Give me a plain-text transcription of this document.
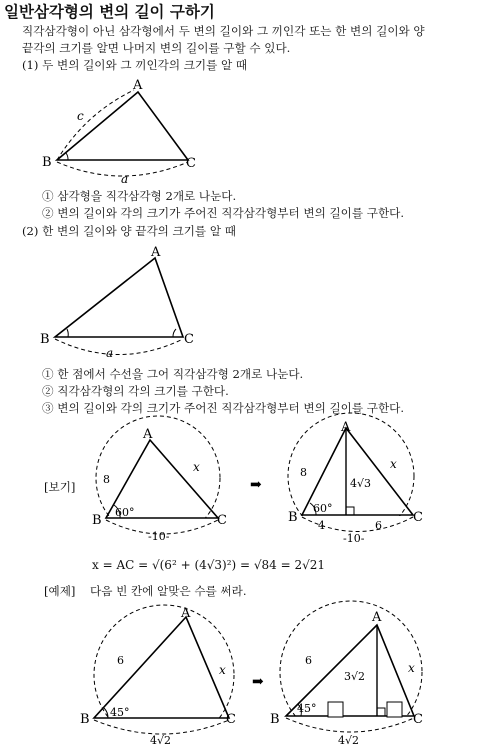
일반삼각형의 변의 길이 구하기
직각삼각형이 아닌 삼각형에서 두 변의 길이와 그 끼인각 또는 한 변의 길이와 양
끝각의 크기를 알면 나머지 변의 길이를 구할 수 있다.
(1) 두 변의 길이와 그 끼인각의 크기를 알 때
A
B	C
c
a
① 삼각형을 직각삼각형 2개로 나눈다.
② 변의 길이와 각의 크기가 주어진 직각삼각형부터 변의 길이를 구한다.
(2) 한 변의 길이와 양 끝각의 크기를 알 때
A
B	C
a
① 한 점에서 수선을 그어 직각삼각형 2개로 나눈다.
② 직각삼각형의 각의 크기를 구한다.
③ 변의 길이와 각의 크기가 주어진 직각삼각형부터 변의 길이를 구한다.
[보기]
A
B	C
8
60°
x
-10-
➡
A
B	C
8
60°
4√3
x
4	6
-10-
x = AC = √(6² + (4√3)²) = √84 = 2√21
[예제] 다음 빈 칸에 알맞은 수를 써라.
A
B	C
6
45°
x
4√2
➡
A
B	C
6
45°
3√2
x
4√2
